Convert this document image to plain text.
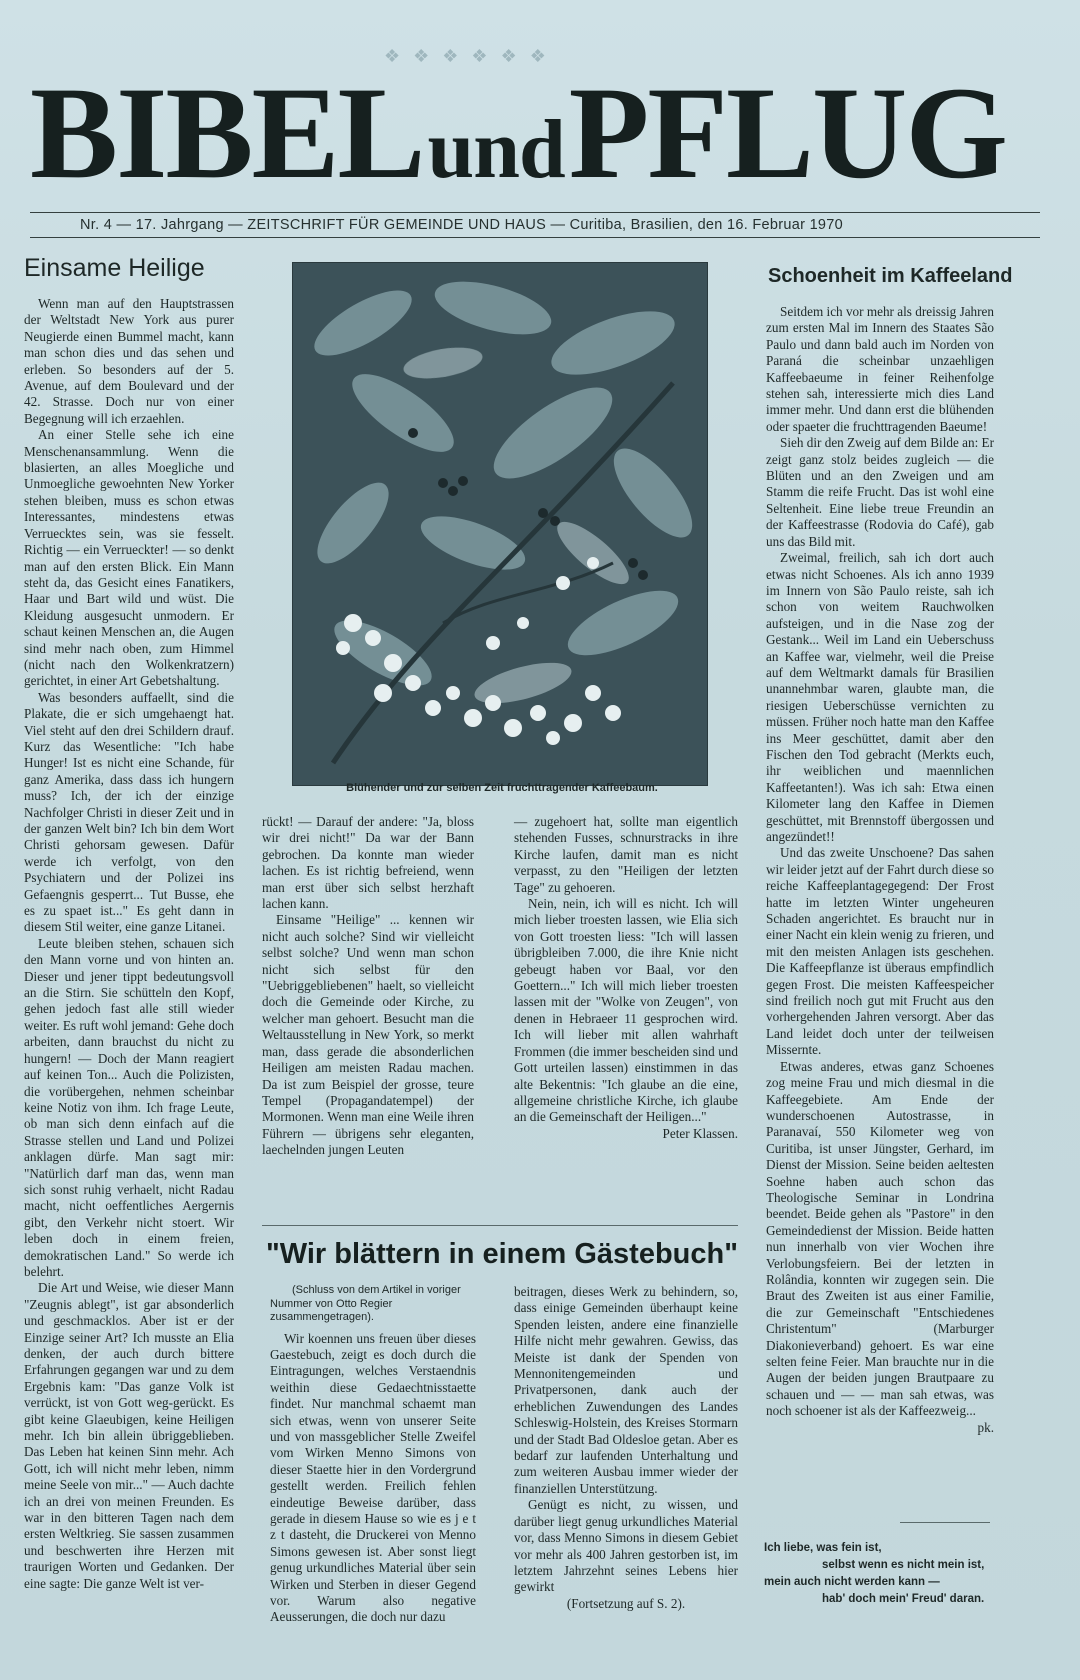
❖ ❖ ❖ ❖ ❖ ❖
BIBEL und PFLUG
Nr. 4 — 17. Jahrgang — ZEITSCHRIFT FÜR GEMEINDE UND HAUS — Curitiba, Brasilien, den 16. Februar 1970
Einsame Heilige

Wenn man auf den Hauptstrassen der Weltstadt New York aus purer Neugierde einen Bummel macht, kann man schon dies und das sehen und erleben. So besonders auf der 5. Avenue, auf dem Boulevard und der 42. Strasse. Doch nur von einer Begegnung will ich erzaehlen.

An einer Stelle sehe ich eine Menschenansammlung. Wenn die blasierten, an alles Moegliche und Unmoegliche gewoehnten New Yorker stehen bleiben, muss es schon etwas Interessantes, mindestens etwas Verruecktes sein, was sie fesselt. Richtig — ein Verrueckter! — so denkt man auf den ersten Blick. Ein Mann steht da, das Gesicht eines Fanatikers, Haar und Bart wild und wüst. Die Kleidung ausgesucht unmodern. Er schaut keinen Menschen an, die Augen sind mehr nach oben, zum Himmel (nicht nach den Wolkenkratzern) gerichtet, in einer Art Gebetshaltung.

Was besonders auffaellt, sind die Plakate, die er sich umgehaengt hat. Viel steht auf den drei Schildern drauf. Kurz das Wesentliche: "Ich habe Hunger! Ist es nicht eine Schande, für ganz Amerika, dass dass ich hungern muss? Ich, der ich der einzige Nachfolger Christi in dieser Zeit und in der ganzen Welt bin? Ich bin dem Wort Christi gehorsam gewesen. Dafür werde ich verfolgt, von den Psychiatern und der Polizei ins Gefaengnis gesperrt... Tut Busse, ehe es zu spaet ist..." Es geht dann in diesem Stil weiter, eine ganze Litanei.

Leute bleiben stehen, schauen sich den Mann vorne und von hinten an. Dieser und jener tippt bedeutungsvoll an die Stirn. Sie schütteln den Kopf, gehen jedoch fast alle still wieder weiter. Es ruft wohl jemand: Gehe doch arbeiten, dann brauchst du nicht zu hungern! — Doch der Mann reagiert auf keinen Ton... Auch die Polizisten, die vorübergehen, nehmen scheinbar keine Notiz von ihm. Ich frage Leute, ob man sich denn einfach auf die Strasse stellen und Land und Polizei anklagen dürfe. Man sagt mir: "Natürlich darf man das, wenn man sich sonst ruhig verhaelt, nicht Radau macht, nicht oeffentliches Aergernis gibt, den Verkehr nicht stoert. Wir leben doch in einem freien, demokratischen Land." So werde ich belehrt.

Die Art und Weise, wie dieser Mann "Zeugnis ablegt", ist gar absonderlich und geschmacklos. Aber ist er der Einzige seiner Art? Ich musste an Elia denken, der auch durch bittere Erfahrungen gegangen war und zu dem Ergebnis kam: "Das ganze Volk ist verrückt, ist von Gott weg-gerückt. Es gibt keine Glaeubigen, keine Heiligen mehr. Ich bin allein übriggeblieben. Das Leben hat keinen Sinn mehr. Ach Gott, ich will nicht mehr leben, nimm meine Seele von mir..." — Auch dachte ich an drei von meinen Freunden. Es war in den bitteren Tagen nach dem ersten Weltkrieg. Sie sassen zusammen und beschwerten ihre Herzen mit traurigen Worten und Gedanken. Der eine sagte: Die ganze Welt ist ver-

Blühender und zur selben Zeit fruchttragender Kaffeebaum.

rückt! — Darauf der andere: "Ja, bloss wir drei nicht!" Da war der Bann gebrochen. Da konnte man wieder lachen. Es ist richtig befreiend, wenn man erst über sich selbst herzhaft lachen kann.

Einsame "Heilige" ... kennen wir nicht auch solche? Sind wir vielleicht selbst solche? Und wenn man schon nicht sich selbst für den "Uebriggebliebenen" haelt, so vielleicht doch die Gemeinde oder Kirche, zu welcher man gehoert. Besucht man die Weltausstellung in New York, so merkt man, dass gerade die absonderlichen Heiligen am meisten Radau machen. Da ist zum Beispiel der grosse, teure Tempel (Propagandatempel) der Mormonen. Wenn man eine Weile ihren Führern — übrigens sehr eleganten, laechelnden jungen Leuten

— zugehoert hat, sollte man eigentlich stehenden Fusses, schnurstracks in ihre Kirche laufen, damit man es nicht verpasst, zu den "Heiligen der letzten Tage" zu gehoeren.

Nein, nein, ich will es nicht. Ich will mich lieber troesten lassen, wie Elia sich von Gott troesten liess: "Ich will lassen übrigbleiben 7.000, die ihre Knie nicht gebeugt haben vor Baal, vor den Goettern..." Ich will mich lieber troesten lassen mit der "Wolke von Zeugen", von denen in Hebraeer 11 gesprochen wird. Ich will lieber mit allen wahrhaft Frommen (die immer bescheiden sind und Gott urteilen lassen) einstimmen in das alte Bekentnis: "Ich glaube an die eine, allgemeine christliche Kirche, ich glaube an die Gemeinschaft der Heiligen..."

Peter Klassen.

"Wir blättern in einem Gästebuch"

(Schluss von dem Artikel in voriger Nummer von Otto Regier zusammengetragen).

Wir koennen uns freuen über dieses Gaestebuch, zeigt es doch durch die Eintragungen, welches Verstaendnis weithin diese Gedaechtnisstaette findet. Nur manchmal schaemt man sich etwas, wenn von unserer Seite und von massgeblicher Stelle Zweifel vom Wirken Menno Simons von dieser Staette hier in den Vordergrund gestellt werden. Freilich fehlen eindeutige Beweise darüber, dass gerade in diesem Hause so wie es j e t z t dasteht, die Druckerei von Menno Simons gewesen ist. Aber sonst liegt genug urkundliches Material über sein Wirken und Sterben in dieser Gegend vor. Warum also negative Aeusserungen, die doch nur dazu

beitragen, dieses Werk zu behindern, so, dass einige Gemeinden überhaupt keine Spenden leisten, andere eine finanzielle Hilfe nicht mehr gewahren. Gewiss, das Meiste ist dank der Spenden von Mennonitengemeinden und Privatpersonen, dank auch der erheblichen Zuwendungen des Landes Schleswig-Holstein, des Kreises Stormarn und der Stadt Bad Oldesloe getan. Aber es bedarf zur laufenden Unterhaltung und zum weiteren Ausbau immer wieder der finanziellen Unterstützung.

Genügt es nicht, zu wissen, und darüber liegt genug urkundliches Material vor, dass Menno Simons in diesem Gebiet vor mehr als 400 Jahren gestorben ist, im letztem Jahrzehnt seines Lebens hier gewirkt

(Fortsetzung auf S. 2).

Schoenheit im Kaffeeland

Seitdem ich vor mehr als dreissig Jahren zum ersten Mal im Innern des Staates São Paulo und dann bald auch im Norden von Paraná die scheinbar unzaehligen Kaffeebaeume in feiner Reihenfolge stehen sah, interessierte mich dies Land immer mehr. Und dann erst die blühenden oder spaeter die fruchttragenden Baeume!

Sieh dir den Zweig auf dem Bilde an: Er zeigt ganz stolz beides zugleich — die Blüten und an den Zweigen und am Stamm die reife Frucht. Das ist wohl eine Seltenheit. Eine liebe treue Freundin an der Kaffeestrasse (Rodovia do Café), gab uns das Bild mit.

Zweimal, freilich, sah ich dort auch etwas nicht Schoenes. Als ich anno 1939 im Innern von São Paulo reiste, sah ich schon von weitem Rauchwolken aufsteigen, und in die Nase zog der Gestank... Weil im Land ein Ueberschuss an Kaffee war, vielmehr, weil die Preise auf dem Weltmarkt damals für Brasilien unannehmbar waren, glaubte man, die riesigen Ueberschüsse vernichten zu müssen. Früher noch hatte man den Kaffee ins Meer geschüttet, damit aber den Fischen den Tod gebracht (Merkts euch, ihr weiblichen und maennlichen Kaffeetanten!). Was ich sah: Etwa einen Kilometer lang den Kaffee in Diemen geschüttet, mit Brennstoff übergossen und angezündet!!

Und das zweite Unschoene? Das sahen wir leider jetzt auf der Fahrt durch diese so reiche Kaffeeplantagegegend: Der Frost hatte im letzten Winter ungeheuren Schaden angerichtet. Es braucht nur in einer Nacht ein klein wenig zu frieren, und mit den meisten Anlagen ists geschehen. Die Kaffeepflanze ist überaus empfindlich gegen Frost. Die meisten Kaffeespeicher sind freilich noch gut mit Frucht aus den vorhergehenden Jahren versorgt. Aber das Land leidet doch unter der teilweisen Missernte.

Etwas anderes, etwas ganz Schoenes zog meine Frau und mich diesmal in die Kaffeegebiete. Am Ende der wunderschoenen Autostrasse, in Paranavaí, 550 Kilometer weg von Curitiba, ist unser Jüngster, Gerhard, im Dienst der Mission. Seine beiden aeltesten Soehne haben auch schon das Theologische Seminar in Londrina beendet. Beide gehen als "Pastore" in den Gemeindedienst der Mission. Beide hatten nun innerhalb von vier Wochen ihre Verlobungsfeiern. Bei der letzten in Rolândia, konnten wir zugegen sein. Die Braut des Zweiten ist aus einer Familie, die zur Gemeinschaft "Entschiedenes Christentum" (Marburger Diakonieverband) gehoert. Es war eine selten feine Feier. Man brauchte nur in die Augen der beiden jungen Brautpaare zu schauen und — — man sah etwas, was noch schoener ist als der Kaffeezweig...

pk.

Ich liebe, was fein ist,
selbst wenn es nicht mein ist,
mein auch nicht werden kann —
hab' doch mein' Freud' daran.
